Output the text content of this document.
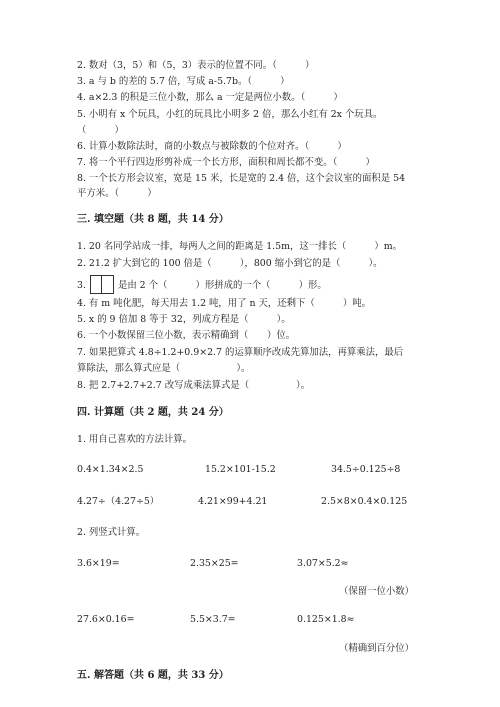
2. 数对（3，5）和（5，3）表示的位置不同。（　　　）
3. a 与 b 的差的 5.7 倍，写成 a-5.7b。（　　　）
4. a×2.3 的积是三位小数，那么 a 一定是两位小数。（　　　）
5. 小明有 x 个玩具，小红的玩具比小明多 2 倍，那么小红有 2x 个玩具。
（　　　）
6. 计算小数除法时，商的小数点与被除数的个位对齐。（　　　）
7. 将一个平行四边形剪补成一个长方形，面积和周长都不变。（　　　）
8. 一个长方形会议室，宽是 15 米，长是宽的 2.4 倍，这个会议室的面积是 54
平方米。（　　　）
三. 填空题（共 8 题，共 14 分）
1. 20 名同学站成一排，每两人之间的距离是 1.5m，这一排长（　　　）m。
2. 21.2 扩大到它的 100 倍是（　　　），800 缩小到它的是（　　　）。
3.	是由 2 个（　　　）形拼成的一个（　　　）形。
4. 有 m 吨化肥，每天用去 1.2 吨，用了 n 天，还剩下（　　　）吨。
5. x 的 9 倍加 8 等于 32，列成方程是（　　　）。
6. 一个小数保留三位小数，表示精确到（　　）位。
7. 如果把算式 4.8÷1.2+0.9×2.7 的运算顺序改成先算加法，再算乘法，最后
算除法，那么算式应是（　　　　　　）。
8. 把 2.7+2.7+2.7 改写成乘法算式是（　　　　　）。
四. 计算题（共 2 题，共 24 分）
1. 用自己喜欢的方法计算。
0.4×1.34×2.5	15.2×101-15.2	34.5÷0.125÷8
4.27÷（4.27÷5）	4.21×99+4.21	2.5×8×0.4×0.125
2. 列竖式计算。
3.6×19=	2.35×25=	3.07×5.2≈
（保留一位小数）
27.6×0.16=	5.5×3.7=	0.125×1.8≈
（精确到百分位）
五. 解答题（共 6 题，共 33 分）
